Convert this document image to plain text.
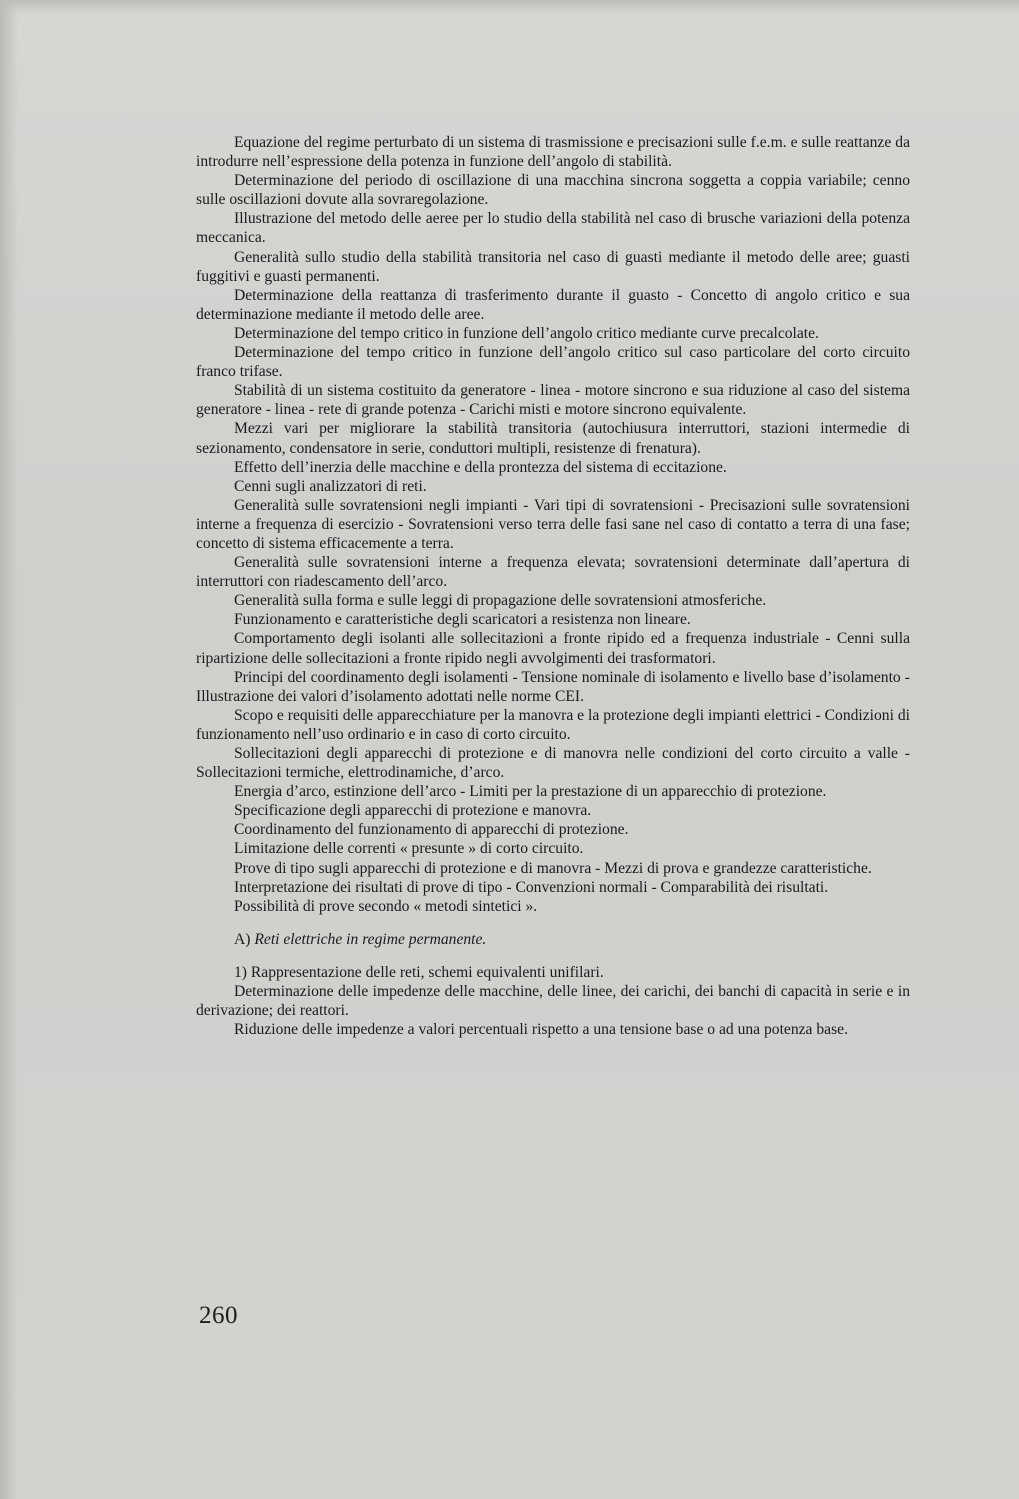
Equazione del regime perturbato di un sistema di trasmissione e precisazioni sulle f.e.m. e sulle reattanze da introdurre nell’espressione della potenza in funzione dell’angolo di stabilità.

Determinazione del periodo di oscillazione di una macchina sincrona soggetta a coppia variabile; cenno sulle oscillazioni dovute alla sovraregolazione.

Illustrazione del metodo delle aeree per lo studio della stabilità nel caso di brusche variazioni della potenza meccanica.

Generalità sullo studio della stabilità transitoria nel caso di guasti mediante il metodo delle aree; guasti fuggitivi e guasti permanenti.

Determinazione della reattanza di trasferimento durante il guasto - Concetto di angolo critico e sua determinazione mediante il metodo delle aree.

Determinazione del tempo critico in funzione dell’angolo critico mediante curve precalcolate.

Determinazione del tempo critico in funzione dell’angolo critico sul caso particolare del corto circuito franco trifase.

Stabilità di un sistema costituito da generatore - linea - motore sincrono e sua riduzione al caso del sistema generatore - linea - rete di grande potenza - Carichi misti e motore sincrono equivalente.

Mezzi vari per migliorare la stabilità transitoria (autochiusura interruttori, stazioni intermedie di sezionamento, condensatore in serie, conduttori multipli, resistenze di frenatura).

Effetto dell’inerzia delle macchine e della prontezza del sistema di eccitazione.

Cenni sugli analizzatori di reti.

Generalità sulle sovratensioni negli impianti - Vari tipi di sovratensioni - Precisazioni sulle sovratensioni interne a frequenza di esercizio - Sovratensioni verso terra delle fasi sane nel caso di contatto a terra di una fase; concetto di sistema efficacemente a terra.

Generalità sulle sovratensioni interne a frequenza elevata; sovratensioni determinate dall’apertura di interruttori con riadescamento dell’arco.

Generalità sulla forma e sulle leggi di propagazione delle sovratensioni atmosferiche.

Funzionamento e caratteristiche degli scaricatori a resistenza non lineare.

Comportamento degli isolanti alle sollecitazioni a fronte ripido ed a frequenza industriale - Cenni sulla ripartizione delle sollecitazioni a fronte ripido negli avvolgimenti dei trasformatori.

Principi del coordinamento degli isolamenti - Tensione nominale di isolamento e livello base d’isolamento - Illustrazione dei valori d’isolamento adottati nelle norme CEI.

Scopo e requisiti delle apparecchiature per la manovra e la protezione degli impianti elettrici - Condizioni di funzionamento nell’uso ordinario e in caso di corto circuito.

Sollecitazioni degli apparecchi di protezione e di manovra nelle condizioni del corto circuito a valle - Sollecitazioni termiche, elettrodinamiche, d’arco.

Energia d’arco, estinzione dell’arco - Limiti per la prestazione di un apparecchio di protezione.

Specificazione degli apparecchi di protezione e manovra.

Coordinamento del funzionamento di apparecchi di protezione.

Limitazione delle correnti « presunte » di corto circuito.

Prove di tipo sugli apparecchi di protezione e di manovra - Mezzi di prova e grandezze caratteristiche.

Interpretazione dei risultati di prove di tipo - Convenzioni normali - Comparabilità dei risultati.

Possibilità di prove secondo « metodi sintetici ».

A) Reti elettriche in regime permanente.

1) Rappresentazione delle reti, schemi equivalenti unifilari.

Determinazione delle impedenze delle macchine, delle linee, dei carichi, dei banchi di capacità in serie e in derivazione; dei reattori.

Riduzione delle impedenze a valori percentuali rispetto a una tensione base o ad una potenza base.

260
